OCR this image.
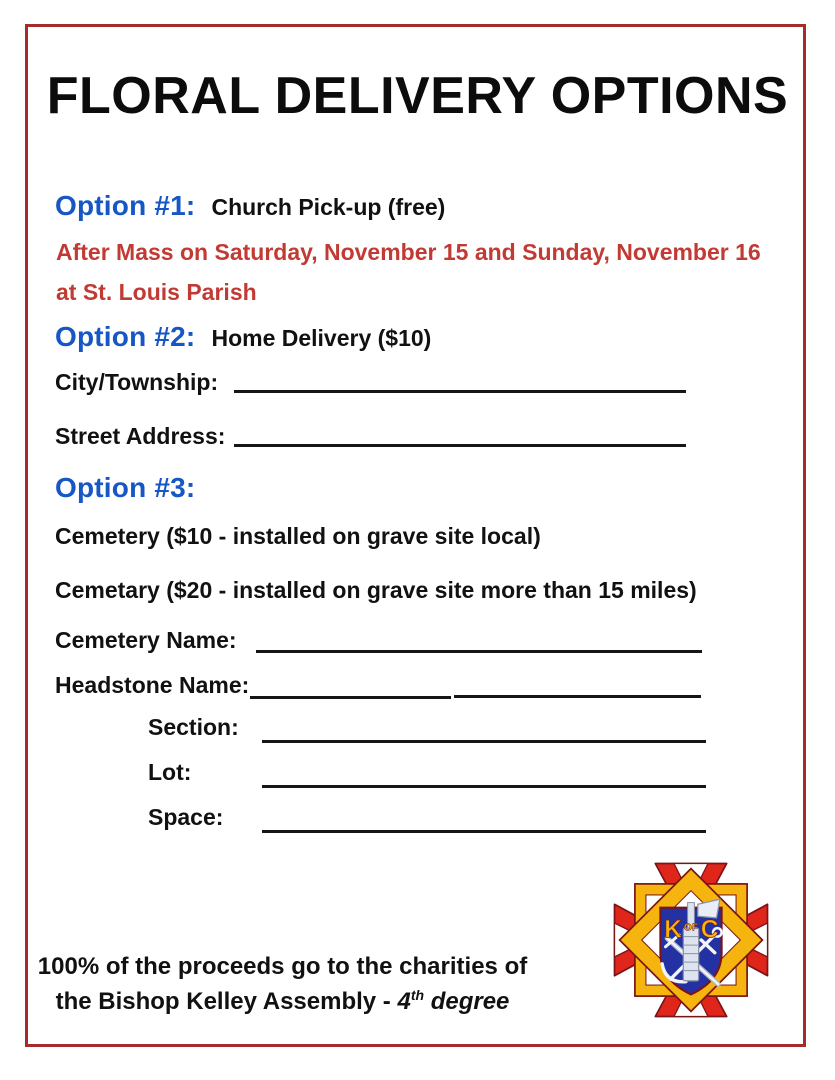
FLORAL DELIVERY OPTIONS
Option #1: Church Pick-up (free)
After Mass on Saturday, November 15 and Sunday, November 16
at St. Louis Parish
Option #2: Home Delivery ($10)
City/Township:
Street Address:
Option #3:
Cemetery ($10 - installed on grave site local)
Cemetary ($20 - installed on grave site more than 15 miles)
Cemetery Name:
Headstone Name:
Section:
Lot:
Space:
100% of the proceeds go to the charities of
the Bishop Kelley Assembly - 4th degree
K OF C
